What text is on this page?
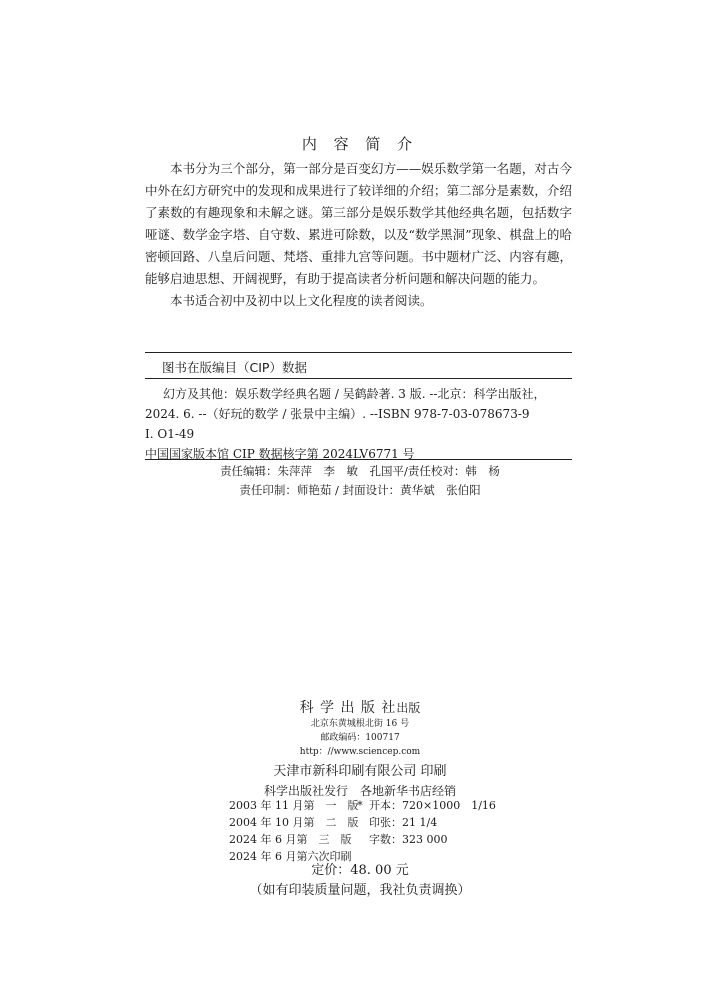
内 容 简 介

本书分为三个部分，第一部分是百变幻方——娱乐数学第一名题，对古今中外在幻方研究中的发现和成果进行了较详细的介绍；第二部分是素数，介绍了素数的有趣现象和未解之谜。第三部分是娱乐数学其他经典名题，包括数字哑谜、数学金字塔、自守数、累进可除数，以及“数学黑洞”现象、棋盘上的哈密顿回路、八皇后问题、梵塔、重排九宫等问题。书中题材广泛、内容有趣，能够启迪思想、开阔视野，有助于提高读者分析问题和解决问题的能力。

本书适合初中及初中以上文化程度的读者阅读。

图书在版编目（CIP）数据
幻方及其他：娱乐数学经典名题 / 吴鹤龄著. 3 版. --北京：科学出版社，
2024. 6. --（好玩的数学 / 张景中主编）. --ISBN 978-7-03-078673-9
Ⅰ. O1-49
中国国家版本馆 CIP 数据核字第 2024LV6771 号
责任编辑：朱萍萍　李　敏　孔国平/责任校对：韩　杨
责任印制：师艳茹 / 封面设计：黄华斌　张伯阳
科 学 出 版 社出版
北京东黄城根北街 16 号
邮政编码：100717
http：//www.sciencep.com
天津市新科印刷有限公司 印刷
科学出版社发行　各地新华书店经销
*
2003 年 11 月第　一　版 开本：720×1000　1/16
2004 年 10 月第　二　版 印张：21 1/4
2024 年 6 月第　三　版	字数：323 000
2024 年 6 月第六次印刷
定价：48. 00 元
（如有印装质量问题，我社负责调换）
